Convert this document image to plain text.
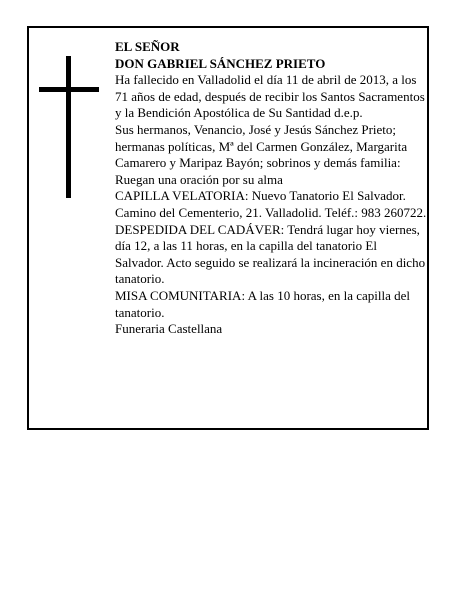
EL SEÑOR

DON GABRIEL SÁNCHEZ PRIETO

Ha fallecido en Valladolid el día 11 de abril de 2013, a los 71 años de edad, después de recibir los Santos Sacramentos y la Bendición Apostólica de Su Santidad d.e.p.

Sus hermanos, Venancio, José y Jesús Sánchez Prieto; hermanas políticas, Mª del Carmen González, Margarita Camarero y Maripaz Bayón; sobrinos y demás familia:

Ruegan una oración por su alma

CAPILLA VELATORIA: Nuevo Tanatorio El Salvador. Camino del Cementerio, 21. Valladolid. Teléf.: 983 260722.

DESPEDIDA DEL CADÁVER: Tendrá lugar hoy viernes, día 12, a las 11 horas, en la capilla del tanatorio El Salvador. Acto seguido se realizará la incineración en dicho tanatorio.

MISA COMUNITARIA: A las 10 horas, en la capilla del tanatorio.

Funeraria Castellana
